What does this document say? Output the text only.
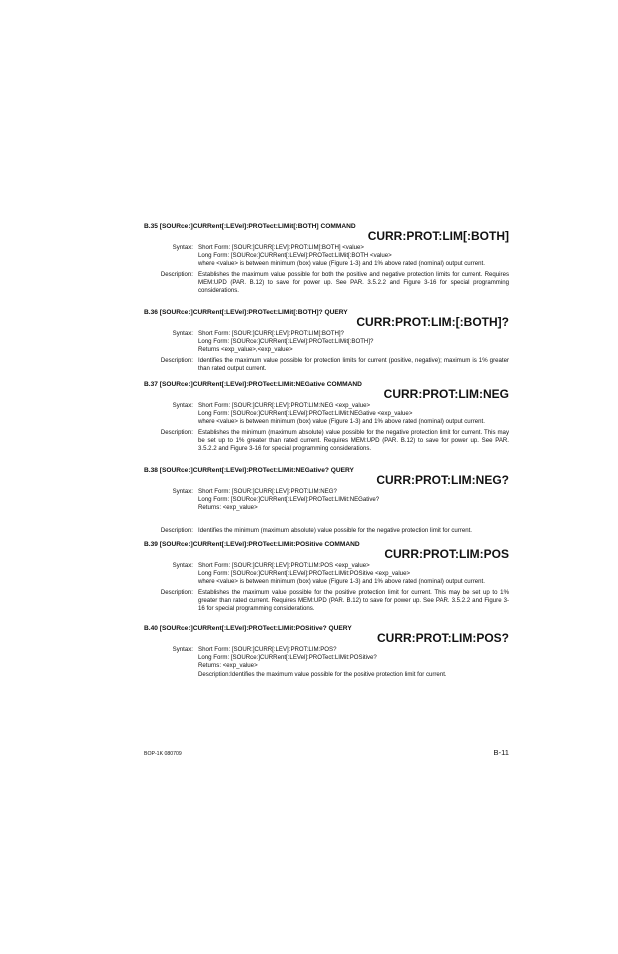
B.35 [SOURce:]CURRent[:LEVel]:PROTect:LIMit[:BOTH] COMMAND
CURR:PROT:LIM[:BOTH]
Syntax: Short Form: [SOUR:]CURR[:LEV]:PROT:LIM[:BOTH] <value>
Long Form: [SOURce:]CURRent[:LEVel]:PROTect:LIMit[:BOTH <value>
where <value> is between minimum (box) value (Figure 1-3) and 1% above rated (nominal) output current.
Description: Establishes the maximum value possible for both the positive and negative protection limits for current. Requires MEM:UPD (PAR. B.12) to save for power up. See PAR. 3.5.2.2 and Figure 3-16 for special programming considerations.
B.36 [SOURce:]CURRent[:LEVel]:PROTect:LIMit[:BOTH]? QUERY
CURR:PROT:LIM:[:BOTH]?
Syntax: Short Form: [SOUR:]CURR[:LEV]:PROT:LIM[:BOTH]?
Long Form: [SOURce:]CURRent[:LEVel]:PROTect:LIMit[:BOTH]?
Returns <exp_value>,<exp_value>
Description: Identifies the maximum value possible for protection limits for current (positive, negative); maximum is 1% greater than rated output current.
B.37 [SOURce:]CURRent[:LEVel]:PROTect:LIMit:NEGative COMMAND
CURR:PROT:LIM:NEG
Syntax: Short Form: [SOUR:]CURR[:LEV]:PROT:LIM:NEG <exp_value>
Long Form: [SOURce:]CURRent[:LEVel]:PROTect:LIMit:NEGative <exp_value>
where <value> is between minimum (box) value (Figure 1-3) and 1% above rated (nominal) output current.
Description: Establishes the minimum (maximum absolute) value possible for the negative protection limit for current. This may be set up to 1% greater than rated current. Requires MEM:UPD (PAR. B.12) to save for power up. See PAR. 3.5.2.2 and Figure 3-16 for special programming considerations.
B.38 [SOURce:]CURRent[:LEVel]:PROTect:LIMit:NEGative? QUERY
CURR:PROT:LIM:NEG?
Syntax: Short Form: [SOUR:]CURR[:LEV]:PROT:LIM:NEG?
Long Form: [SOURce:]CURRent[:LEVel]:PROTect:LIMit:NEGative?
Returns: <exp_value>
Description: Identifies the minimum (maximum absolute) value possible for the negative protection limit for current.
B.39 [SOURce:]CURRent[:LEVel]:PROTect:LIMit:POSitive COMMAND
CURR:PROT:LIM:POS
Syntax: Short Form: [SOUR:]CURR[:LEV]:PROT:LIM:POS <exp_value>
Long Form: [SOURce:]CURRent[:LEVel]:PROTect:LIMit:POSitive <exp_value>
where <value> is between minimum (box) value (Figure 1-3) and 1% above rated (nominal) output current.
Description: Establishes the maximum value possible for the positive protection limit for current. This may be set up to 1% greater than rated current. Requires MEM:UPD (PAR. B.12) to save for power up. See PAR. 3.5.2.2 and Figure 3-16 for special programming considerations.
B.40 [SOURce:]CURRent[:LEVel]:PROTect:LIMit:POSitive? QUERY
CURR:PROT:LIM:POS?
Syntax: Short Form: [SOUR:]CURR[:LEV]:PROT:LIM:POS?
Long Form: [SOURce:]CURRent[:LEVel]:PROTect:LIMit:POSitive?
Returns: <exp_value>
Description:Identifies the maximum value possible for the positive protection limit for current.
BOP-1K 080709	B-11
